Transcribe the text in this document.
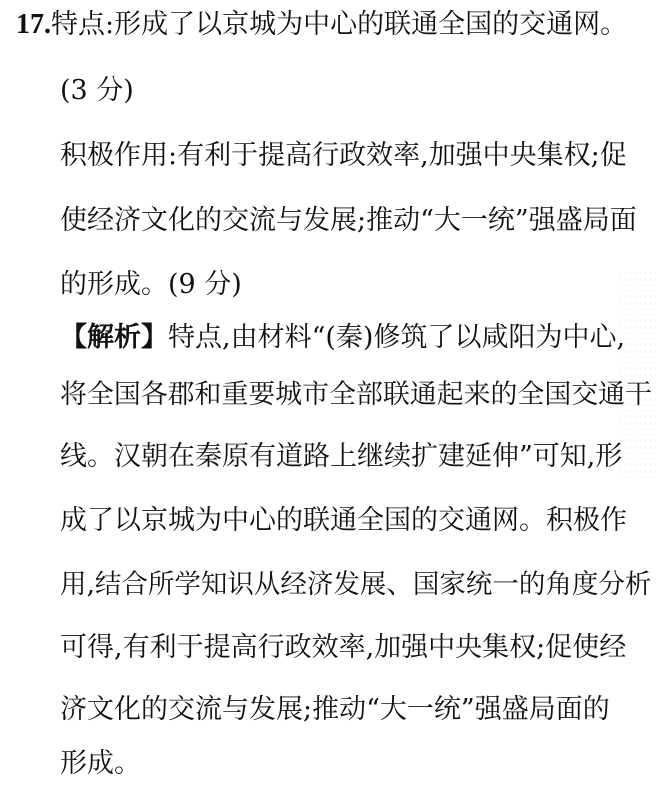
17.特点:形成了以京城为中心的联通全国的交通网。
(3 分)
积极作用:有利于提高行政效率,加强中央集权;促
使经济文化的交流与发展;推动“大一统”强盛局面
的形成。(9 分)
【解析】特点,由材料“(秦)修筑了以咸阳为中心,
将全国各郡和重要城市全部联通起来的全国交通干
线。汉朝在秦原有道路上继续扩建延伸”可知,形
成了以京城为中心的联通全国的交通网。积极作
用,结合所学知识从经济发展、国家统一的角度分析
可得,有利于提高行政效率,加强中央集权;促使经
济文化的交流与发展;推动“大一统”强盛局面的
形成。
